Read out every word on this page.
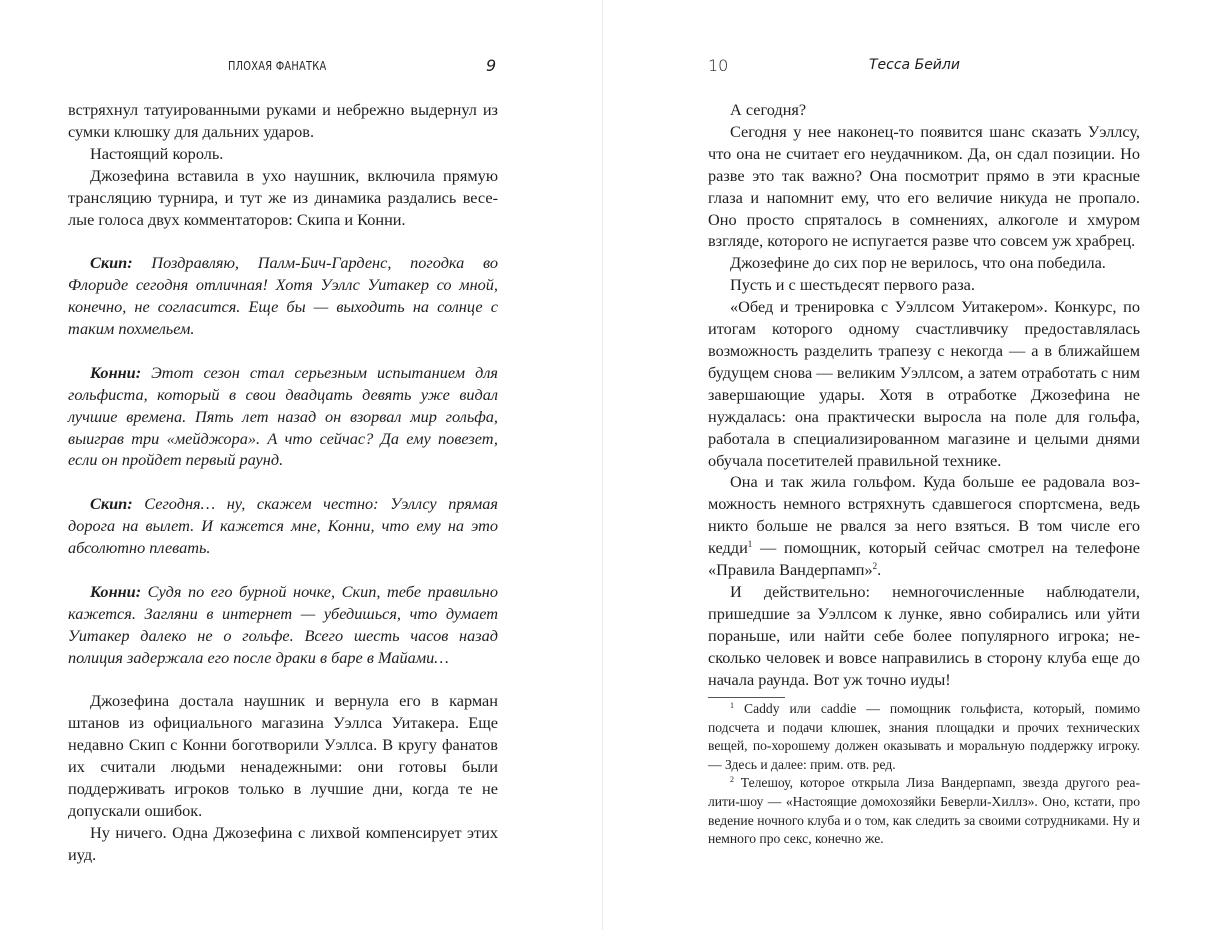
ПЛОХАЯ ФАНАТКА	9

встряхнул татуированными руками и небрежно выдернул из сумки клюшку для дальних ударов.

Настоящий король.

Джозефина вставила в ухо наушник, включила прямую трансляцию турнира, и тут же из динамика раздались веселые голоса двух комментаторов: Скипа и Конни.

Скип: Поздравляю, Палм-Бич-Гарденс, погодка во Флориде сегодня отличная! Хотя Уэллс Уитакер со мной, конечно, не согласится. Еще бы — выходить на солнце с таким похмельем.

Конни: Этот сезон стал серьезным испытанием для гольфиста, который в свои двадцать девять уже видал лучшие времена. Пять лет назад он взорвал мир гольфа, выиграв три «мейджора». А что сейчас? Да ему повезет, если он пройдет первый раунд.

Скип: Сегодня… ну, скажем честно: Уэллсу прямая дорога на вылет. И кажется мне, Конни, что ему на это абсолютно плевать.

Конни: Судя по его бурной ночке, Скип, тебе правильно кажется. Загляни в интернет — убедишься, что думает Уитакер далеко не о гольфе. Всего шесть часов назад полиция задержала его после драки в баре в Майами…

Джозефина достала наушник и вернула его в карман штанов из официального магазина Уэллса Уитакера. Еще недавно Скип с Конни боготворили Уэллса. В кругу фанатов их считали людьми ненадежными: они готовы были поддерживать игроков только в лучшие дни, когда те не допускали ошибок.

Ну ничего. Одна Джозефина с лихвой компенсирует этих иуд.

10	Тесса Бейли

А сегодня?

Сегодня у нее наконец-то появится шанс сказать Уэллсу, что она не считает его неудачником. Да, он сдал позиции. Но разве это так важно? Она посмотрит прямо в эти красные глаза и напомнит ему, что его величие никуда не пропало. Оно просто спряталось в сомнениях, алкоголе и хмуром взгляде, которого не испугается разве что совсем уж храбрец.

Джозефине до сих пор не верилось, что она победила.

Пусть и с шестьдесят первого раза.

«Обед и тренировка с Уэллсом Уитакером». Конкурс, по итогам которого одному счастливчику предоставлялась возможность разделить трапезу с некогда — а в ближайшем будущем снова — великим Уэллсом, а затем отработать с ним завершающие удары. Хотя в отработке Джозефина не нуждалась: она практически выросла на поле для гольфа, работала в специализированном магазине и целыми днями обучала посетителей правильной технике.

Она и так жила гольфом. Куда больше ее радовала возможность немного встряхнуть сдавшегося спортсмена, ведь никто больше не рвался за него взяться. В том числе его кедди$^1$ — помощник, который сейчас смотрел на телефоне «Правила Вандерпамп»$^2$.

И действительно: немногочисленные наблюдатели, пришедшие за Уэллсом к лунке, явно собирались или уйти пораньше, или найти себе более популярного игрока; несколько человек и вовсе направились в сторону клуба еще до начала раунда. Вот уж точно иуды!

$^1$ Caddy или caddie — помощник гольфиста, который, помимо подсчета и подачи клюшек, знания площадки и прочих технических вещей, по-хорошему должен оказывать и моральную поддержку игроку. — Здесь и далее: прим. отв. ред.

$^2$ Телешоу, которое открыла Лиза Вандерпамп, звезда другого реалити-шоу — «Настоящие домохозяйки Беверли-Хиллз». Оно, кстати, про ведение ночного клуба и о том, как следить за своими сотрудниками. Ну и немного про секс, конечно же.
